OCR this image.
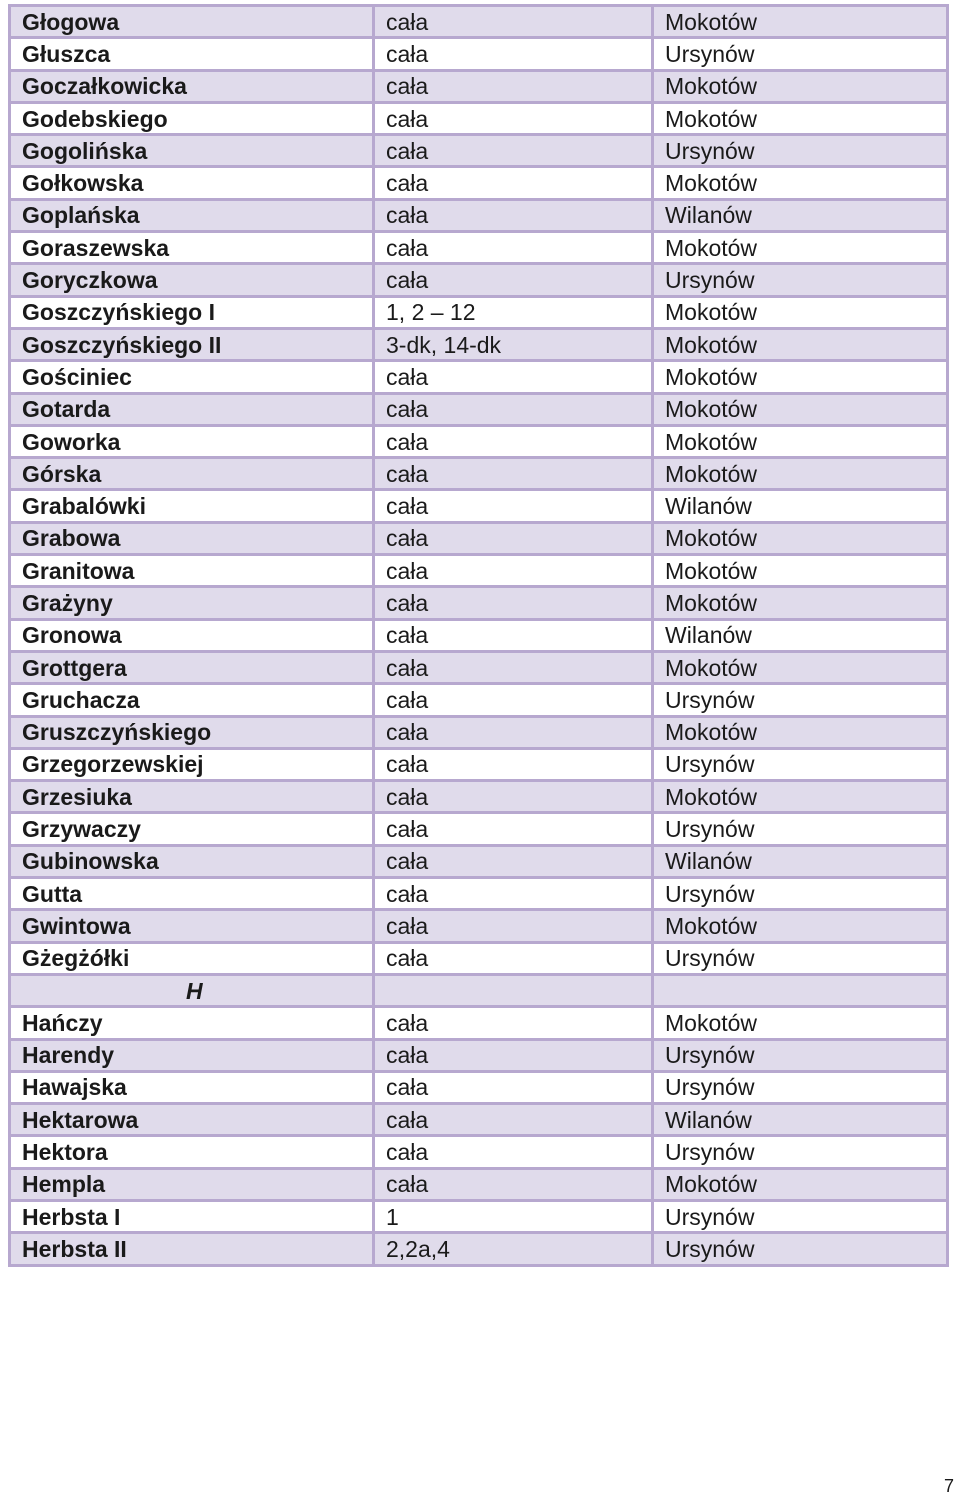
Głogowa	cała	Mokotów
Głuszca	cała	Ursynów
Goczałkowicka	cała	Mokotów
Godebskiego	cała	Mokotów
Gogolińska	cała	Ursynów
Gołkowska	cała	Mokotów
Goplańska	cała	Wilanów
Goraszewska	cała	Mokotów
Goryczkowa	cała	Ursynów
Goszczyńskiego I	1, 2 – 12	Mokotów
Goszczyńskiego II	3-dk, 14-dk	Mokotów
Gościniec	cała	Mokotów
Gotarda	cała	Mokotów
Goworka	cała	Mokotów
Górska	cała	Mokotów
Grabalówki	cała	Wilanów
Grabowa	cała	Mokotów
Granitowa	cała	Mokotów
Grażyny	cała	Mokotów
Gronowa	cała	Wilanów
Grottgera	cała	Mokotów
Gruchacza	cała	Ursynów
Gruszczyńskiego	cała	Mokotów
Grzegorzewskiej	cała	Ursynów
Grzesiuka	cała	Mokotów
Grzywaczy	cała	Ursynów
Gubinowska	cała	Wilanów
Gutta	cała	Ursynów
Gwintowa	cała	Mokotów
Gżegżółki	cała	Ursynów
H		
Hańczy	cała	Mokotów
Harendy	cała	Ursynów
Hawajska	cała	Ursynów
Hektarowa	cała	Wilanów
Hektora	cała	Ursynów
Hempla	cała	Mokotów
Herbsta I	1	Ursynów
Herbsta II	2,2a,4	Ursynów
7
